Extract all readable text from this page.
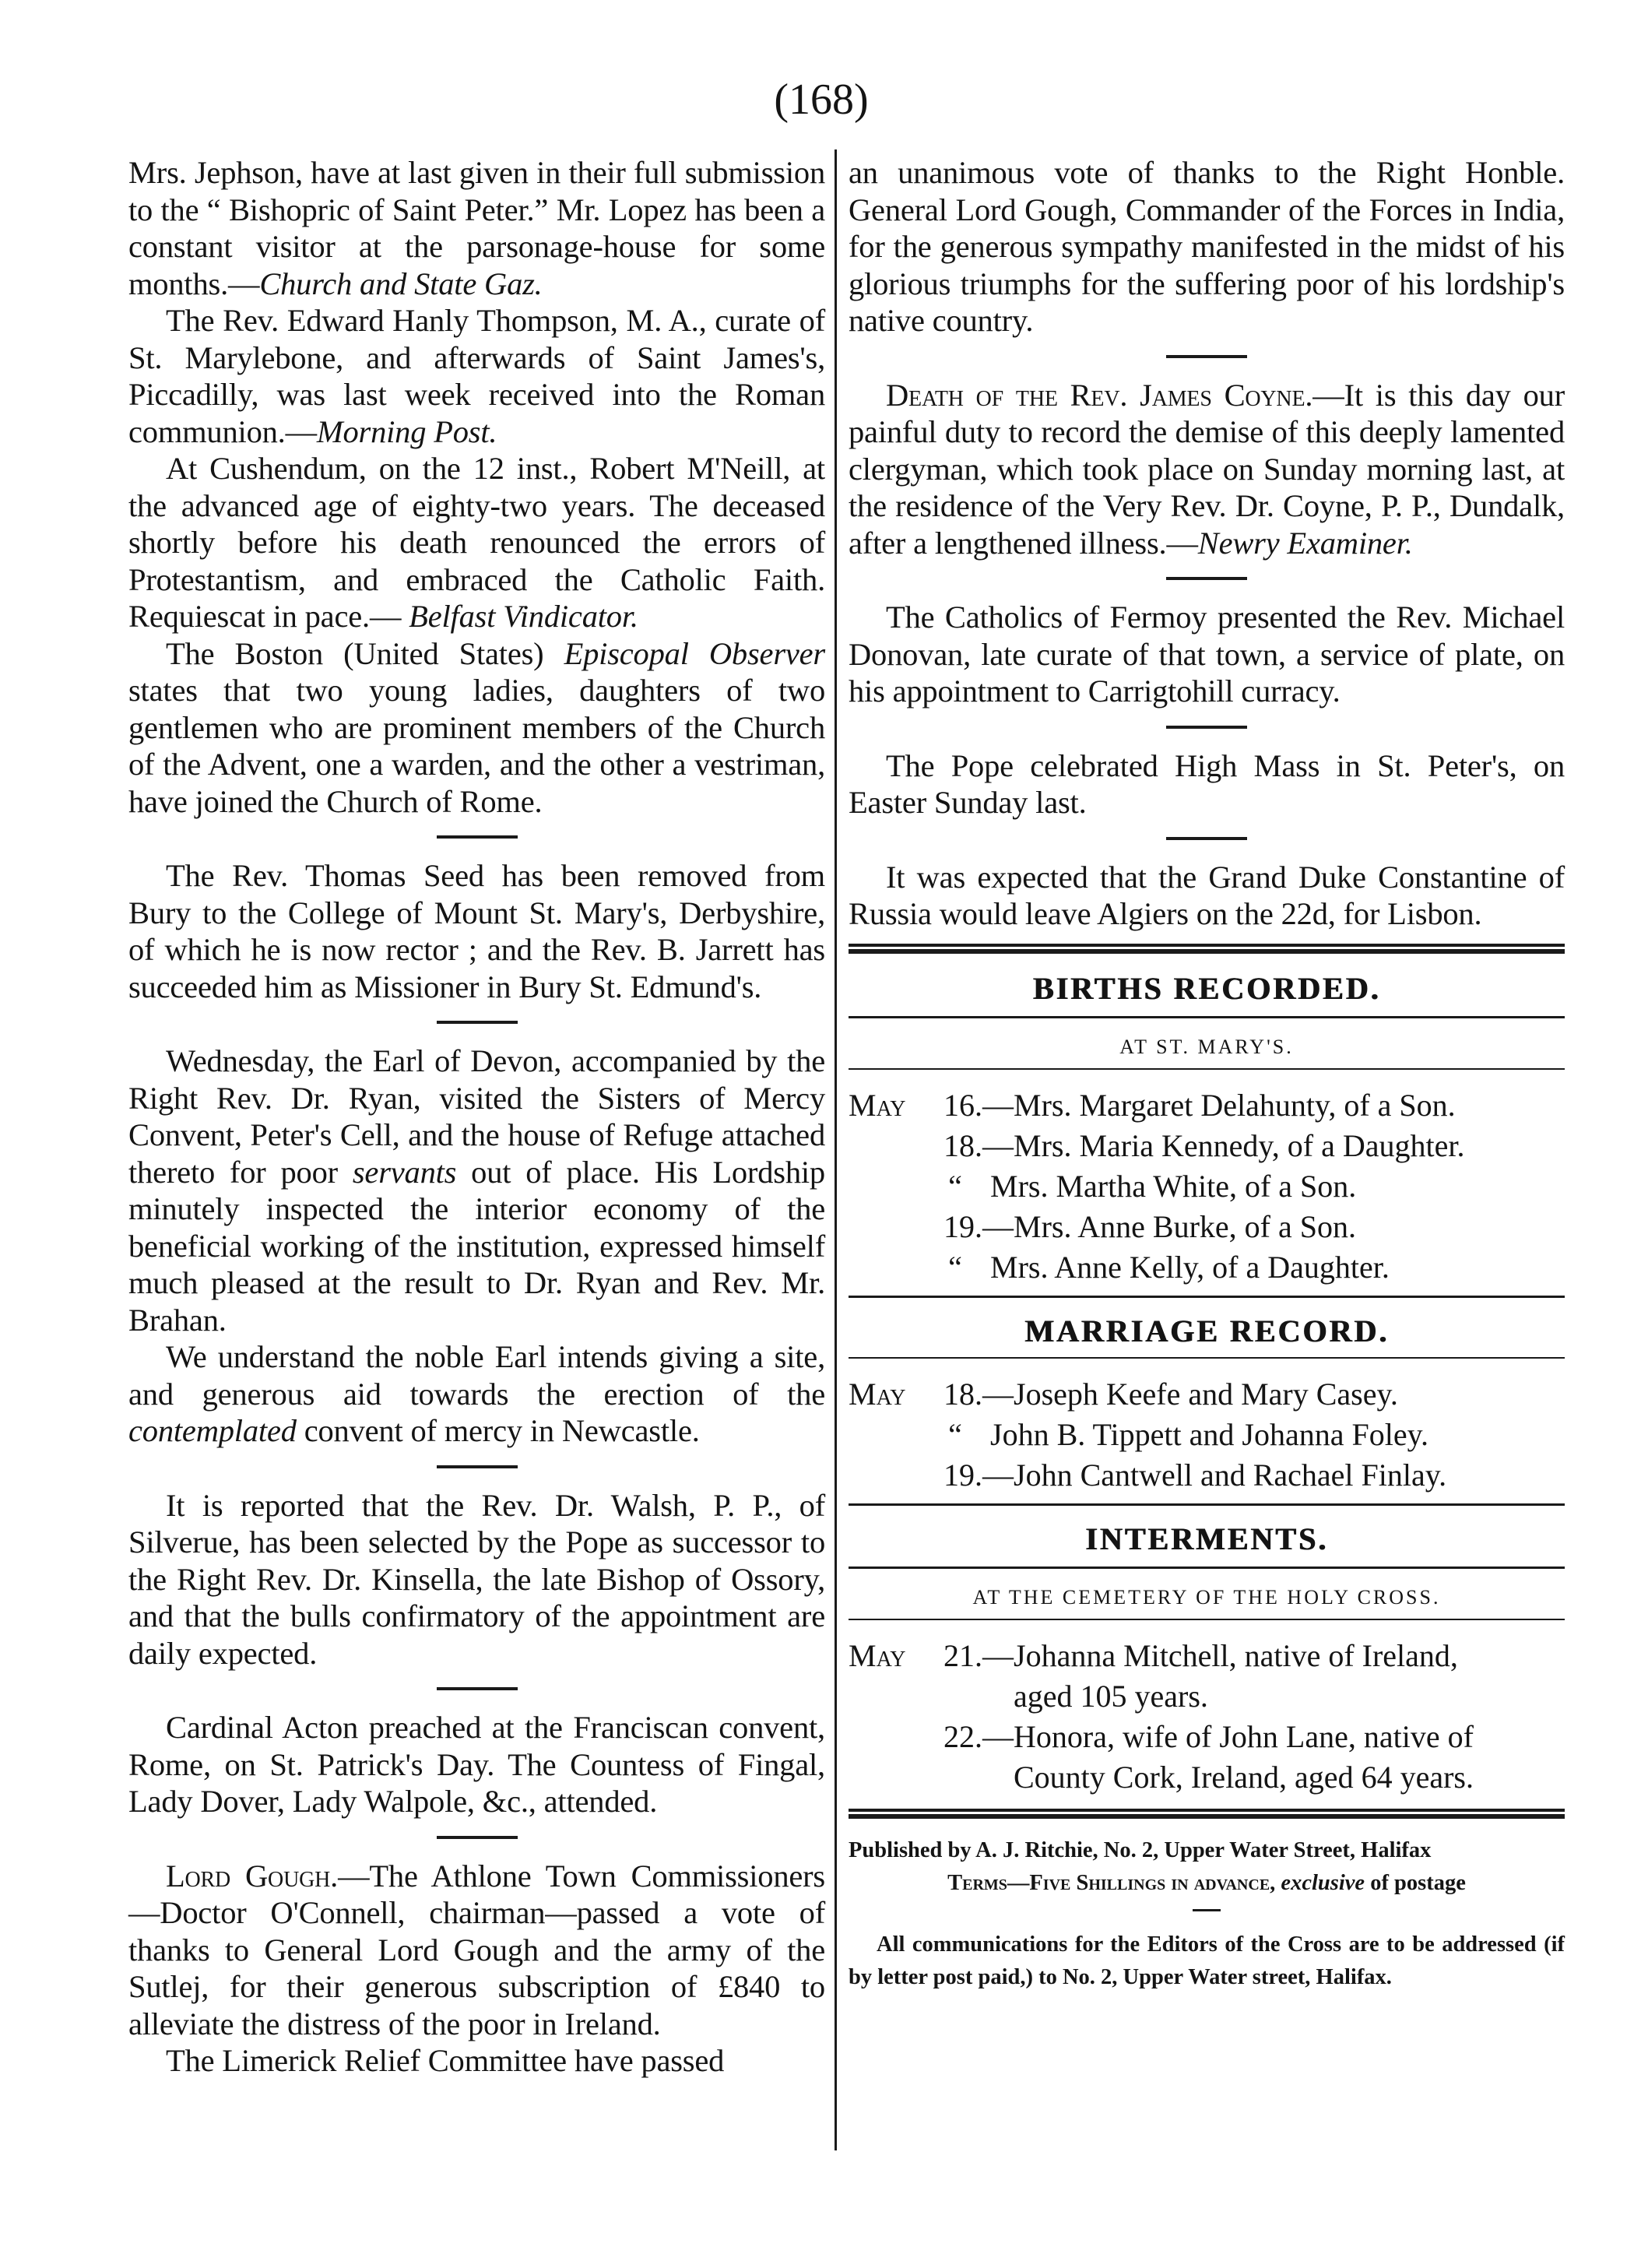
(168)

Mrs. Jephson, have at last given in their full submission to the “ Bishopric of Saint Peter.” Mr. Lopez has been a constant visitor at the parsonage-house for some months.—Church and State Gaz.

The Rev. Edward Hanly Thompson, M. A., curate of St. Marylebone, and afterwards of Saint James's, Piccadilly, was last week received into the Roman communion.—Morning Post.

At Cushendum, on the 12 inst., Robert M'Neill, at the advanced age of eighty-two years. The deceased shortly before his death renounced the errors of Protestantism, and embraced the Catholic Faith. Requiescat in pace.— Belfast Vindicator.

The Boston (United States) Episcopal Observer states that two young ladies, daughters of two gentlemen who are prominent members of the Church of the Advent, one a warden, and the other a vestriman, have joined the Church of Rome.

The Rev. Thomas Seed has been removed from Bury to the College of Mount St. Mary's, Derbyshire, of which he is now rector ; and the Rev. B. Jarrett has succeeded him as Missioner in Bury St. Edmund's.

Wednesday, the Earl of Devon, accompanied by the Right Rev. Dr. Ryan, visited the Sisters of Mercy Convent, Peter's Cell, and the house of Refuge attached thereto for poor servants out of place. His Lordship minutely inspected the interior economy of the beneficial working of the institution, expressed himself much pleased at the result to Dr. Ryan and Rev. Mr. Brahan.

We understand the noble Earl intends giving a site, and generous aid towards the erection of the contemplated convent of mercy in Newcastle.

It is reported that the Rev. Dr. Walsh, P. P., of Silverue, has been selected by the Pope as successor to the Right Rev. Dr. Kinsella, the late Bishop of Ossory, and that the bulls confirmatory of the appointment are daily expected.

Cardinal Acton preached at the Franciscan convent, Rome, on St. Patrick's Day. The Countess of Fingal, Lady Dover, Lady Walpole, &c., attended.

Lord Gough.—The Athlone Town Commissioners—Doctor O'Connell, chairman—passed a vote of thanks to General Lord Gough and the army of the Sutlej, for their generous subscription of £840 to alleviate the distress of the poor in Ireland.

The Limerick Relief Committee have passed

an unanimous vote of thanks to the Right Honble. General Lord Gough, Commander of the Forces in India, for the generous sympathy manifested in the midst of his glorious triumphs for the suffering poor of his lordship's native country.

Death of the Rev. James Coyne.—It is this day our painful duty to record the demise of this deeply lamented clergyman, which took place on Sunday morning last, at the residence of the Very Rev. Dr. Coyne, P. P., Dundalk, after a lengthened illness.—Newry Examiner.

The Catholics of Fermoy presented the Rev. Michael Donovan, late curate of that town, a service of plate, on his appointment to Carrigtohill curracy.

The Pope celebrated High Mass in St. Peter's, on Easter Sunday last.

It was expected that the Grand Duke Constantine of Russia would leave Algiers on the 22d, for Lisbon.

BIRTHS RECORDED.
AT ST. MARY'S.
May 16.—Mrs. Margaret Delahunty, of a Son.
18.—Mrs. Maria Kennedy, of a Daughter.
“ Mrs. Martha White, of a Son.
19.—Mrs. Anne Burke, of a Son.
“ Mrs. Anne Kelly, of a Daughter.
MARRIAGE RECORD.
May 18.—Joseph Keefe and Mary Casey.
“ John B. Tippett and Johanna Foley.
19.—John Cantwell and Rachael Finlay.
INTERMENTS.
AT THE CEMETERY OF THE HOLY CROSS.
May 21.—Johanna Mitchell, native of Ireland,
aged 105 years.
22.—Honora, wife of John Lane, native of
County Cork, Ireland, aged 64 years.

Published by A. J. Ritchie, No. 2, Upper Water Street, Halifax

Terms—Five Shillings in advance, exclusive of postage

All communications for the Editors of the Cross are to be addressed (if by letter post paid,) to No. 2, Upper Water street, Halifax.
